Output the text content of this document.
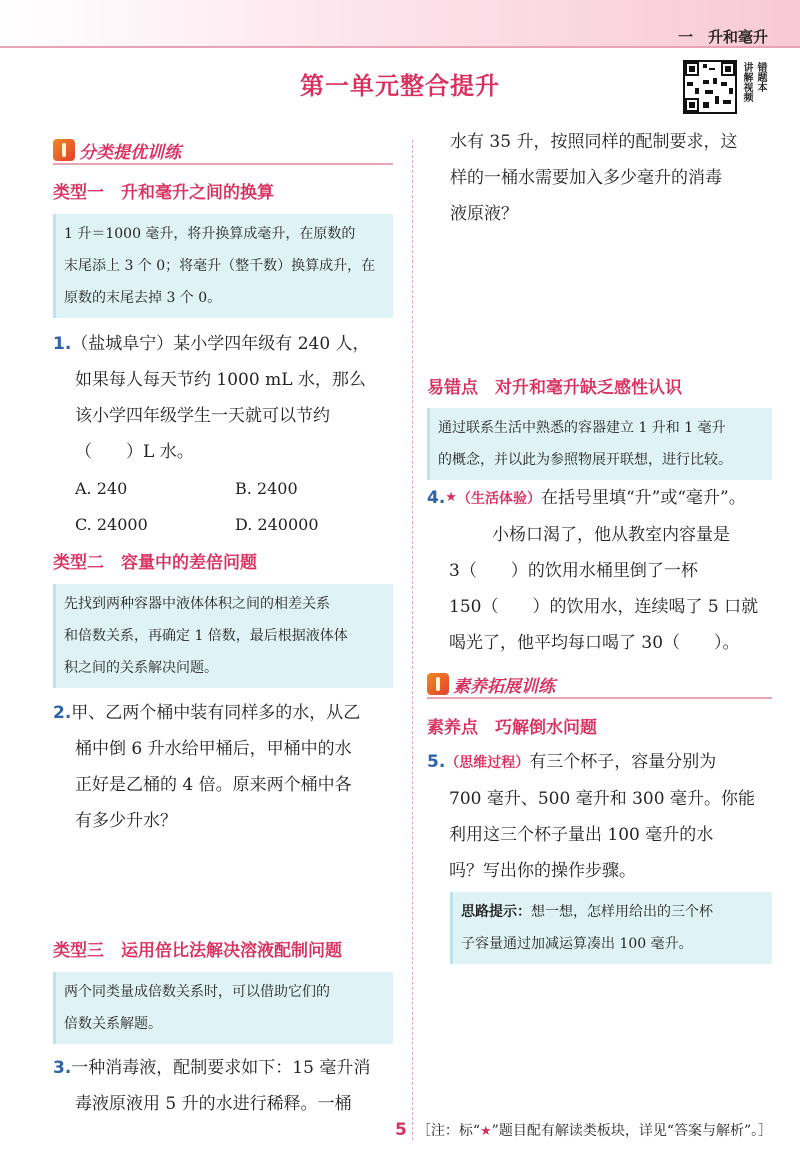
一　升和毫升
第一单元整合提升	讲解视频 错题本
分类提优训练
类型一　升和毫升之间的换算
1 升＝1000 毫升，将升换算成毫升，在原数的
末尾添上 3 个 0；将毫升（整千数）换算成升，在
原数的末尾去掉 3 个 0。
1.（盐城阜宁）某小学四年级有 240 人，
如果每人每天节约 1000 mL 水，那么
该小学四年级学生一天就可以节约
（　　）L 水。
A. 240	B. 2400
C. 24000	D. 240000
类型二　容量中的差倍问题
先找到两种容器中液体体积之间的相差关系
和倍数关系，再确定 1 倍数，最后根据液体体
积之间的关系解决问题。
2.甲、乙两个桶中装有同样多的水，从乙
桶中倒 6 升水给甲桶后，甲桶中的水
正好是乙桶的 4 倍。原来两个桶中各
有多少升水？
类型三　运用倍比法解决溶液配制问题
两个同类量成倍数关系时，可以借助它们的
倍数关系解题。
3.一种消毒液，配制要求如下：15 毫升消
毒液原液用 5 升的水进行稀释。一桶
水有 35 升，按照同样的配制要求，这
样的一桶水需要加入多少毫升的消毒
液原液？
易错点　对升和毫升缺乏感性认识
通过联系生活中熟悉的容器建立 1 升和 1 毫升
的概念，并以此为参照物展开联想，进行比较。
4.★（生活体验）在括号里填“升”或“毫升”。
小杨口渴了，他从教室内容量是
3（　　）的饮用水桶里倒了一杯
150（　　）的饮用水，连续喝了 5 口就
喝光了，他平均每口喝了 30（　　）。
素养拓展训练
素养点　巧解倒水问题
5.（思维过程）有三个杯子，容量分别为
700 毫升、500 毫升和 300 毫升。你能
利用这三个杯子量出 100 毫升的水
吗？写出你的操作步骤。
思路提示：想一想，怎样用给出的三个杯
子容量通过加减运算凑出 100 毫升。
5 ［注：标“★”题目配有解读类板块，详见“答案与解析”。］
